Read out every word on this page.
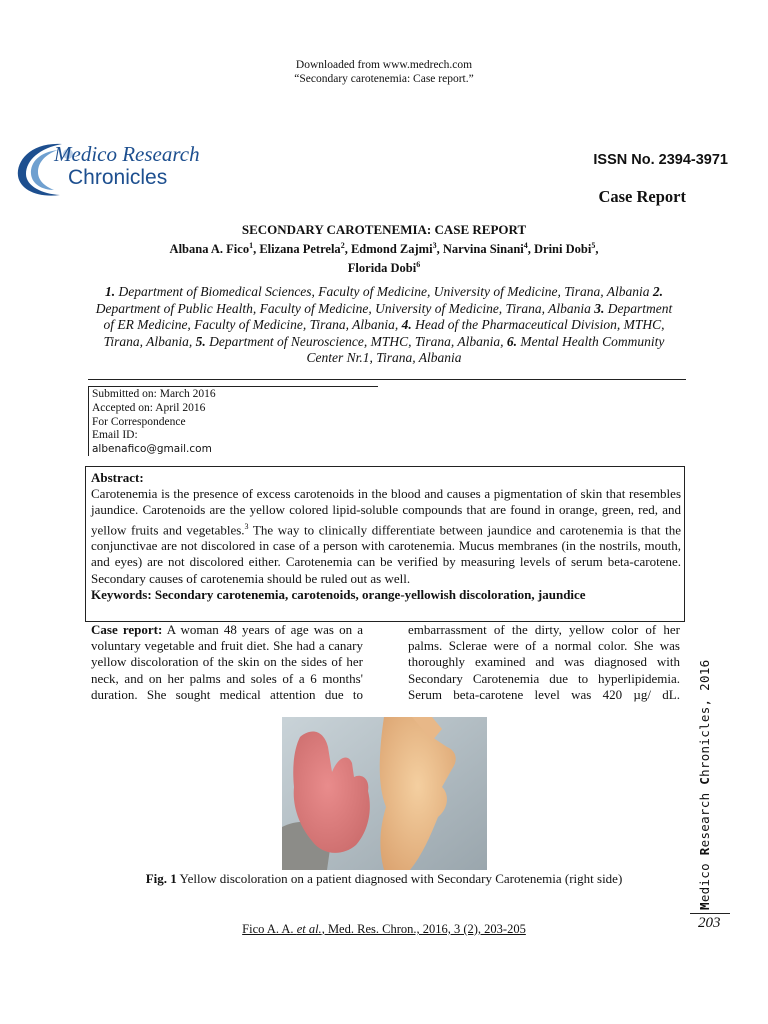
Downloaded from www.medrech.com
“Secondary carotenemia: Case report.”
Medico Research
Chronicles
ISSN No. 2394-3971
Case Report
SECONDARY CAROTENEMIA: CASE REPORT
Albana A. Fico$^1$, Elizana Petrela$^2$, Edmond Zajmi$^3$, Narvina Sinani$^4$, Drini Dobi$^5$,
Florida Dobi$^6$
1. Department of Biomedical Sciences, Faculty of Medicine, University of Medicine, Tirana, Albania 2. Department of Public Health, Faculty of Medicine, University of Medicine, Tirana, Albania 3. Department of ER Medicine, Faculty of Medicine, Tirana, Albania, 4. Head of the Pharmaceutical Division, MTHC, Tirana, Albania, 5. Department of Neuroscience, MTHC, Tirana, Albania, 6. Mental Health Community Center Nr.1, Tirana, Albania
Submitted on: March 2016
Accepted on: April 2016
For Correspondence
Email ID:
albenafico@gmail.com
Abstract:
Carotenemia is the presence of excess carotenoids in the blood and causes a pigmentation of skin that resembles jaundice. Carotenoids are the yellow colored lipid-soluble compounds that are found in orange, green, red, and yellow fruits and vegetables.$^3$ The way to clinically differentiate between jaundice and carotenemia is that the conjunctivae are not discolored in case of a person with carotenemia. Mucus membranes (in the nostrils, mouth, and eyes) are not discolored either. Carotenemia can be verified by measuring levels of serum beta-carotene. Secondary causes of carotenemia should be ruled out as well.
Keywords: Secondary carotenemia, carotenoids, orange-yellowish discoloration, jaundice

Case report: A woman 48 years of age was on a voluntary vegetable and fruit diet. She had a canary yellow discoloration of the skin on the sides of her neck, and on her palms and soles of a 6 months' duration. She sought medical attention due to

embarrassment of the dirty, yellow color of her palms. Sclerae were of a normal color. She was thoroughly examined and was diagnosed with Secondary Carotenemia due to hyperlipidemia. Serum beta-carotene level was 420 µg/ dL.

Fig. 1 Yellow discoloration on a patient diagnosed with Secondary Carotenemia (right side)
Medico Research Chronicles, 2016
203
Fico A. A. et al., Med. Res. Chron., 2016, 3 (2), 203-205
